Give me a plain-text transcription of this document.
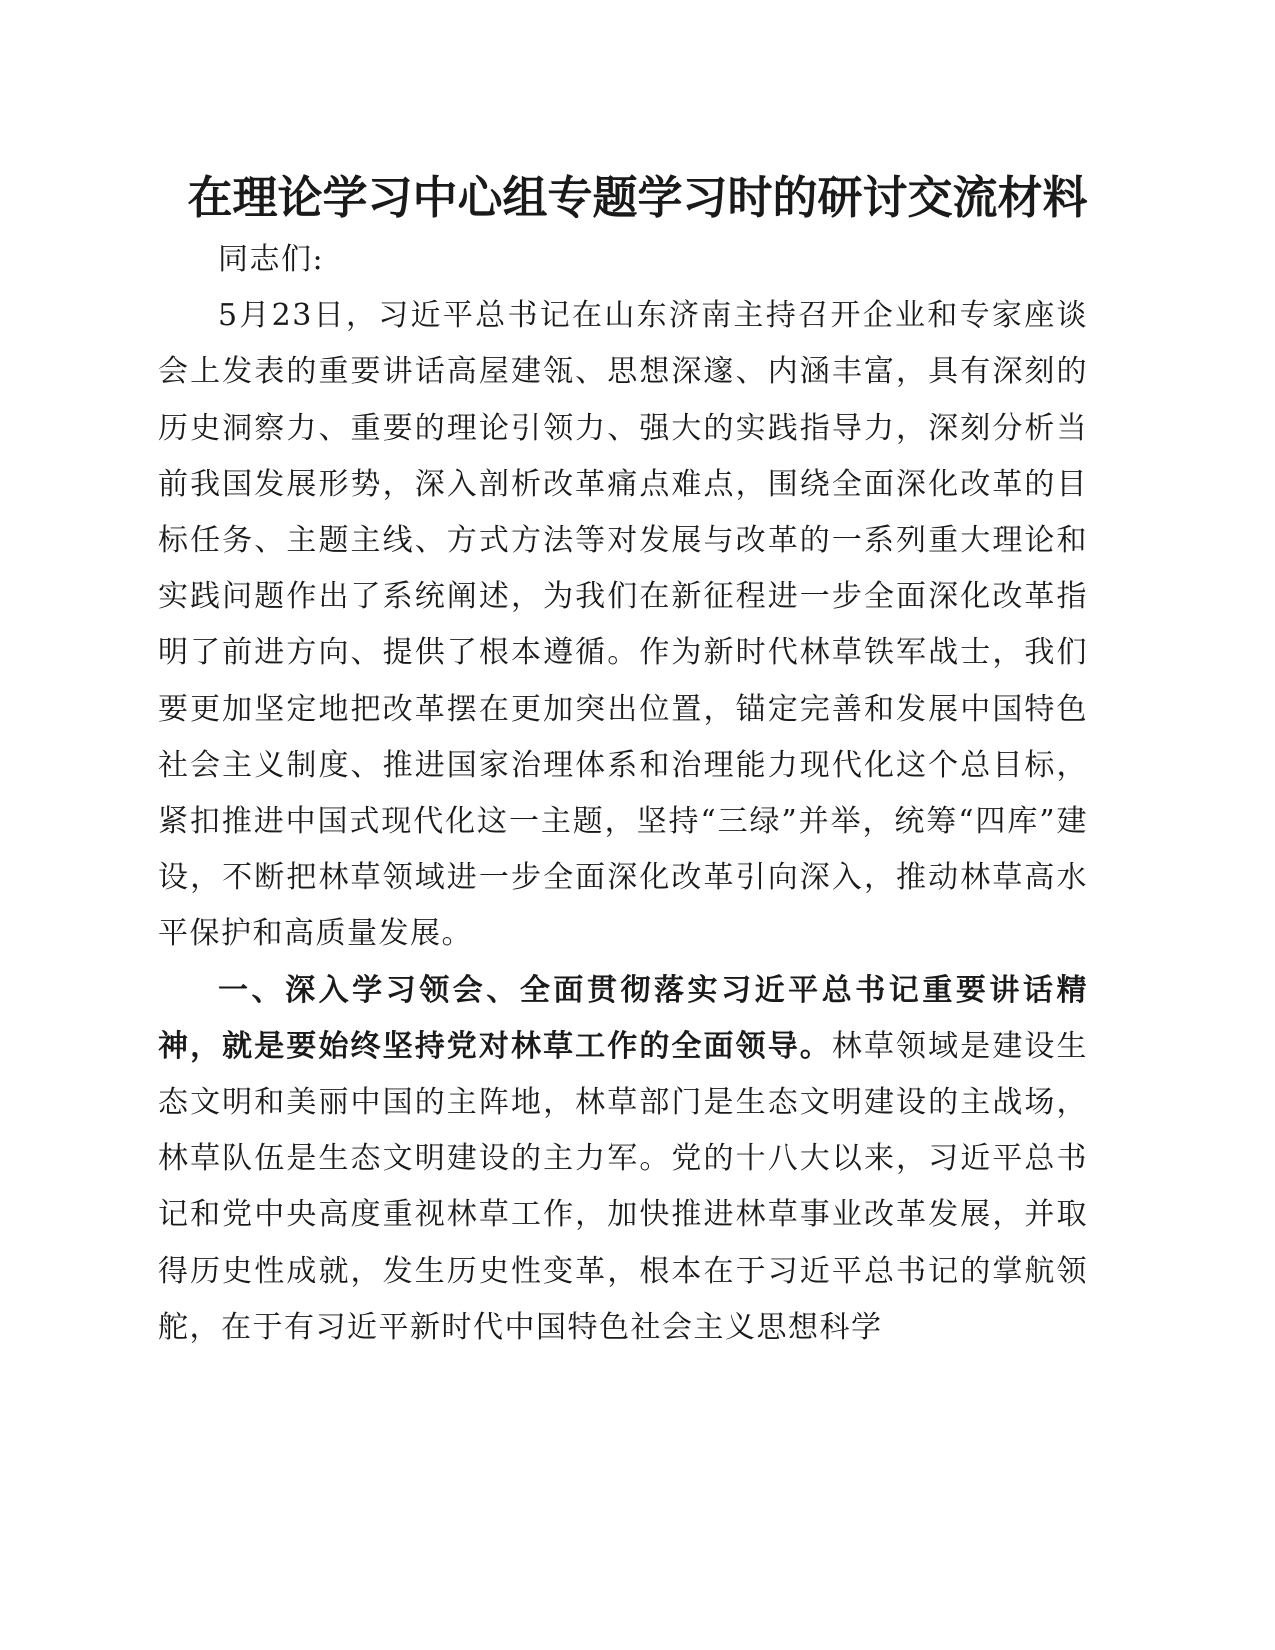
在理论学习中心组专题学习时的研讨交流材料

同志们:

5月23日，习近平总书记在山东济南主持召开企业和专家座谈会上发表的重要讲话高屋建瓴、思想深邃、内涵丰富，具有深刻的历史洞察力、重要的理论引领力、强大的实践指导力，深刻分析当前我国发展形势，深入剖析改革痛点难点，围绕全面深化改革的目标任务、主题主线、方式方法等对发展与改革的一系列重大理论和实践问题作出了系统阐述，为我们在新征程进一步全面深化改革指明了前进方向、提供了根本遵循。作为新时代林草铁军战士，我们要更加坚定地把改革摆在更加突出位置，锚定完善和发展中国特色社会主义制度、推进国家治理体系和治理能力现代化这个总目标，紧扣推进中国式现代化这一主题，坚持“三绿”并举，统筹“四库”建设，不断把林草领域进一步全面深化改革引向深入，推动林草高水平保护和高质量发展。

一、深入学习领会、全面贯彻落实习近平总书记重要讲话精神，就是要始终坚持党对林草工作的全面领导。林草领域是建设生态文明和美丽中国的主阵地，林草部门是生态文明建设的主战场，林草队伍是生态文明建设的主力军。党的十八大以来，习近平总书记和党中央高度重视林草工作，加快推进林草事业改革发展，并取得历史性成就，发生历史性变革，根本在于习近平总书记的掌航领舵，在于有习近平新时代中国特色社会主义思想科学
